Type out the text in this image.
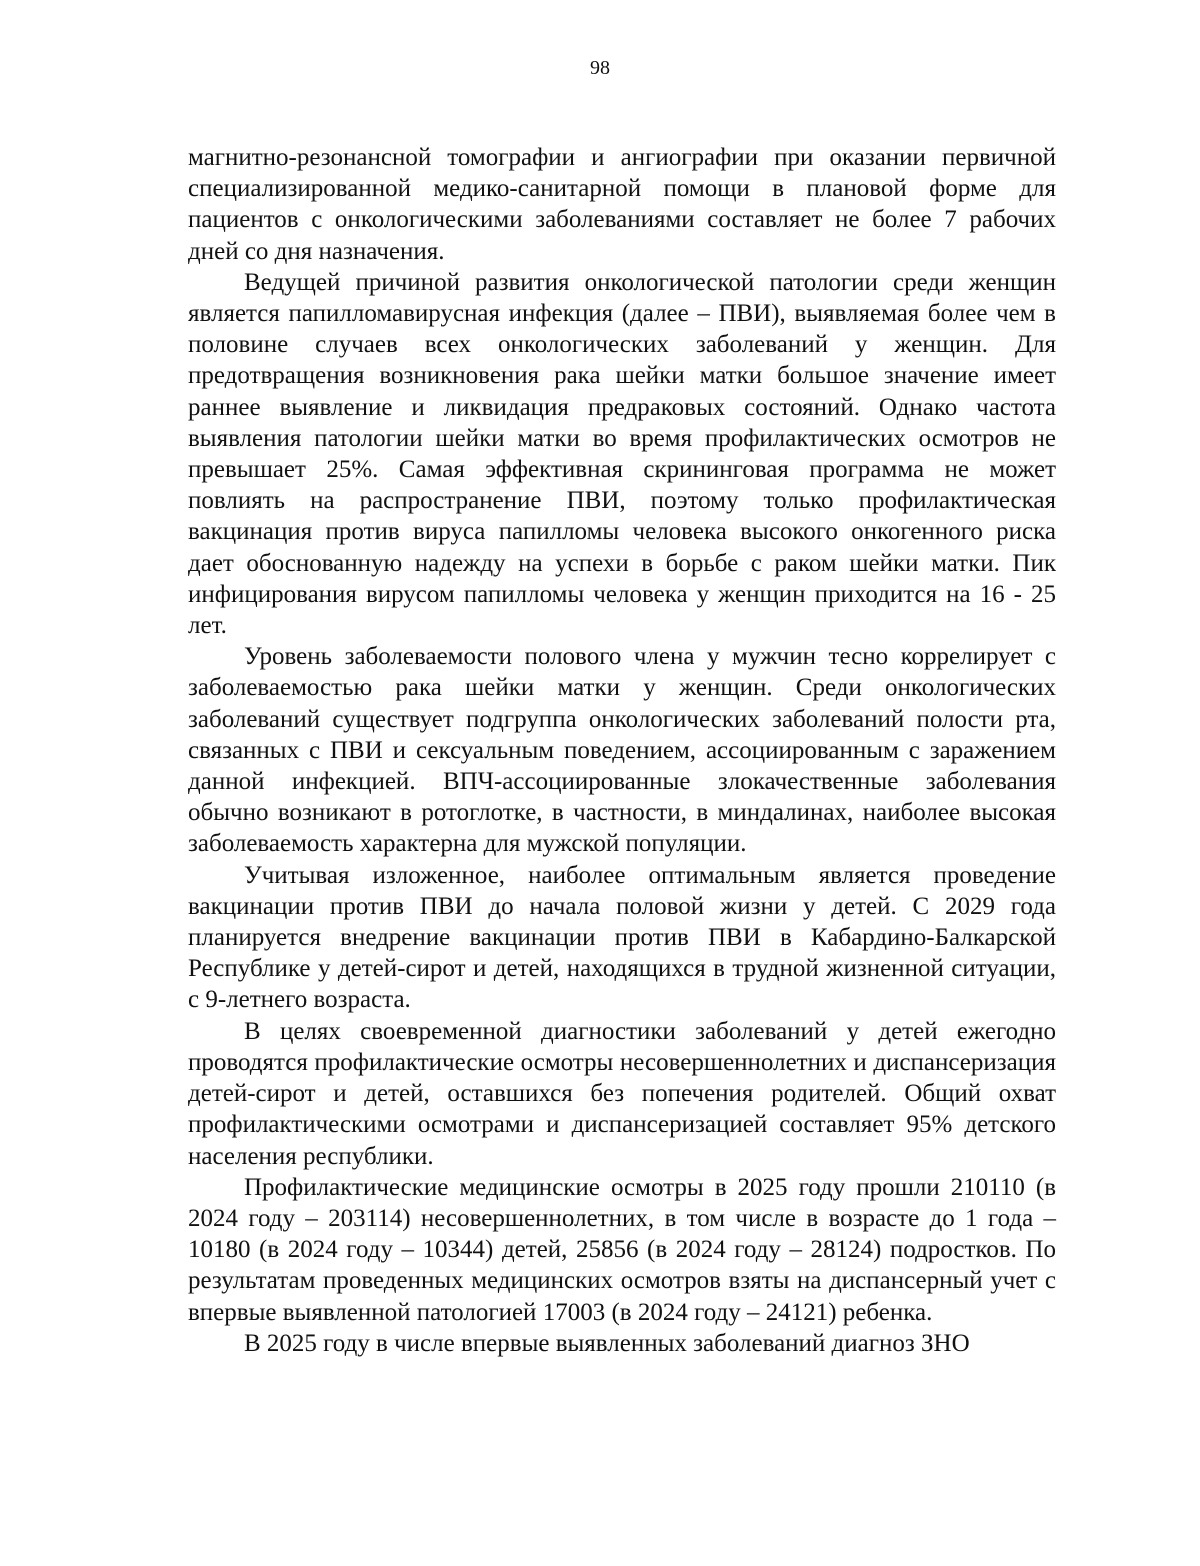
98

магнитно-резонансной томографии и ангиографии при оказании первичной специализированной медико-санитарной помощи в плановой форме для пациентов с онкологическими заболеваниями составляет не более 7 рабочих дней со дня назначения.

Ведущей причиной развития онкологической патологии среди женщин является папилломавирусная инфекция (далее – ПВИ), выявляемая более чем в половине случаев всех онкологических заболеваний у женщин. Для предотвращения возникновения рака шейки матки большое значение имеет раннее выявление и ликвидация предраковых состояний. Однако частота выявления патологии шейки матки во время профилактических осмотров не превышает 25%. Самая эффективная скрининговая программа не может повлиять на распространение ПВИ, поэтому только профилактическая вакцинация против вируса папилломы человека высокого онкогенного риска дает обоснованную надежду на успехи в борьбе с раком шейки матки. Пик инфицирования вирусом папилломы человека у женщин приходится на 16 - 25 лет.

Уровень заболеваемости полового члена у мужчин тесно коррелирует с заболеваемостью рака шейки матки у женщин. Среди онкологических заболеваний существует подгруппа онкологических заболеваний полости рта, связанных с ПВИ и сексуальным поведением, ассоциированным с заражением данной инфекцией. ВПЧ-ассоциированные злокачественные заболевания обычно возникают в ротоглотке, в частности, в миндалинах, наиболее высокая заболеваемость характерна для мужской популяции.

Учитывая изложенное, наиболее оптимальным является проведение вакцинации против ПВИ до начала половой жизни у детей. С 2029 года планируется внедрение вакцинации против ПВИ в Кабардино-Балкарской Республике у детей-сирот и детей, находящихся в трудной жизненной ситуации, с 9-летнего возраста.

В целях своевременной диагностики заболеваний у детей ежегодно проводятся профилактические осмотры несовершеннолетних и диспансеризация детей-сирот и детей, оставшихся без попечения родителей. Общий охват профилактическими осмотрами и диспансеризацией составляет 95% детского населения республики.

Профилактические медицинские осмотры в 2025 году прошли 210110 (в 2024 году – 203114) несовершеннолетних, в том числе в возрасте до 1 года – 10180 (в 2024 году – 10344) детей, 25856 (в 2024 году – 28124) подростков. По результатам проведенных медицинских осмотров взяты на диспансерный учет с впервые выявленной патологией 17003 (в 2024 году – 24121) ребенка.

В 2025 году в числе впервые выявленных заболеваний диагноз ЗНО
